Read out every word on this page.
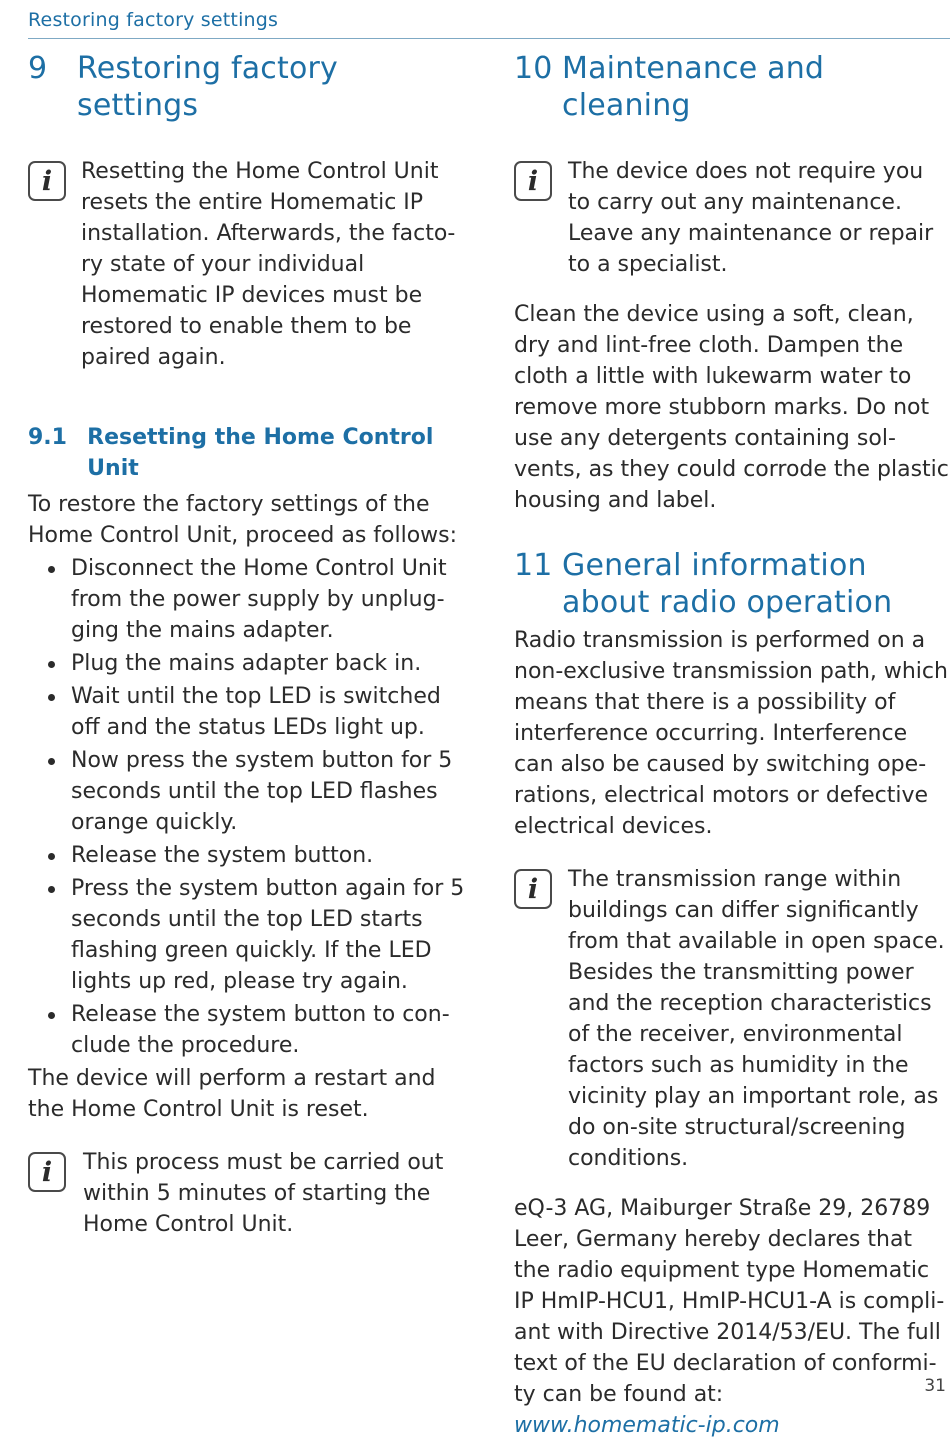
Restoring factory settings
9 Restoring factory settings
i	Resetting the Home Control Unit resets the entire Homematic IP installation. Afterwards, the factory state of your individual Homematic IP devices must be restored to enable them to be paired again.

9.1 Resetting the Home Control Unit

To restore the factory settings of the Home Control Unit, proceed as follows:

Disconnect the Home Control Unit from the power supply by unplugging the mains adapter.
Plug the mains adapter back in.
Wait until the top LED is switched off and the status LEDs light up.
Now press the system button for 5 seconds until the top LED flashes orange quickly.
Release the system button.
Press the system button again for 5 seconds until the top LED starts flashing green quickly. If the LED lights up red, please try again.
Release the system button to conclude the procedure.

The device will perform a restart and the Home Control Unit is reset.

i	This process must be carried out within 5 minutes of starting the Home Control Unit.

10 Maintenance and cleaning
i	The device does not require you to carry out any maintenance. Leave any maintenance or repair to a specialist.

Clean the device using a soft, clean, dry and lint-free cloth. Dampen the cloth a little with lukewarm water to remove more stubborn marks. Do not use any detergents containing solvents, as they could corrode the plastic housing and label.

11 General information about radio operation

Radio transmission is performed on a non-exclusive transmission path, which means that there is a possibility of interference occurring. Interference can also be caused by switching operations, electrical motors or defective electrical devices.

i	The transmission range within buildings can differ significantly from that available in open space. Besides the transmitting power and the reception characteristics of the receiver, environmental factors such as humidity in the vicinity play an important role, as do on-site structural/screening conditions.

eQ-3 AG, Maiburger Straße 29, 26789 Leer, Germany hereby declares that the radio equipment type Homematic IP HmIP-HCU1, HmIP-HCU1-A is compliant with Directive 2014/53/EU. The full text of the EU declaration of conformity can be found at:

www.homematic-ip.com

31
